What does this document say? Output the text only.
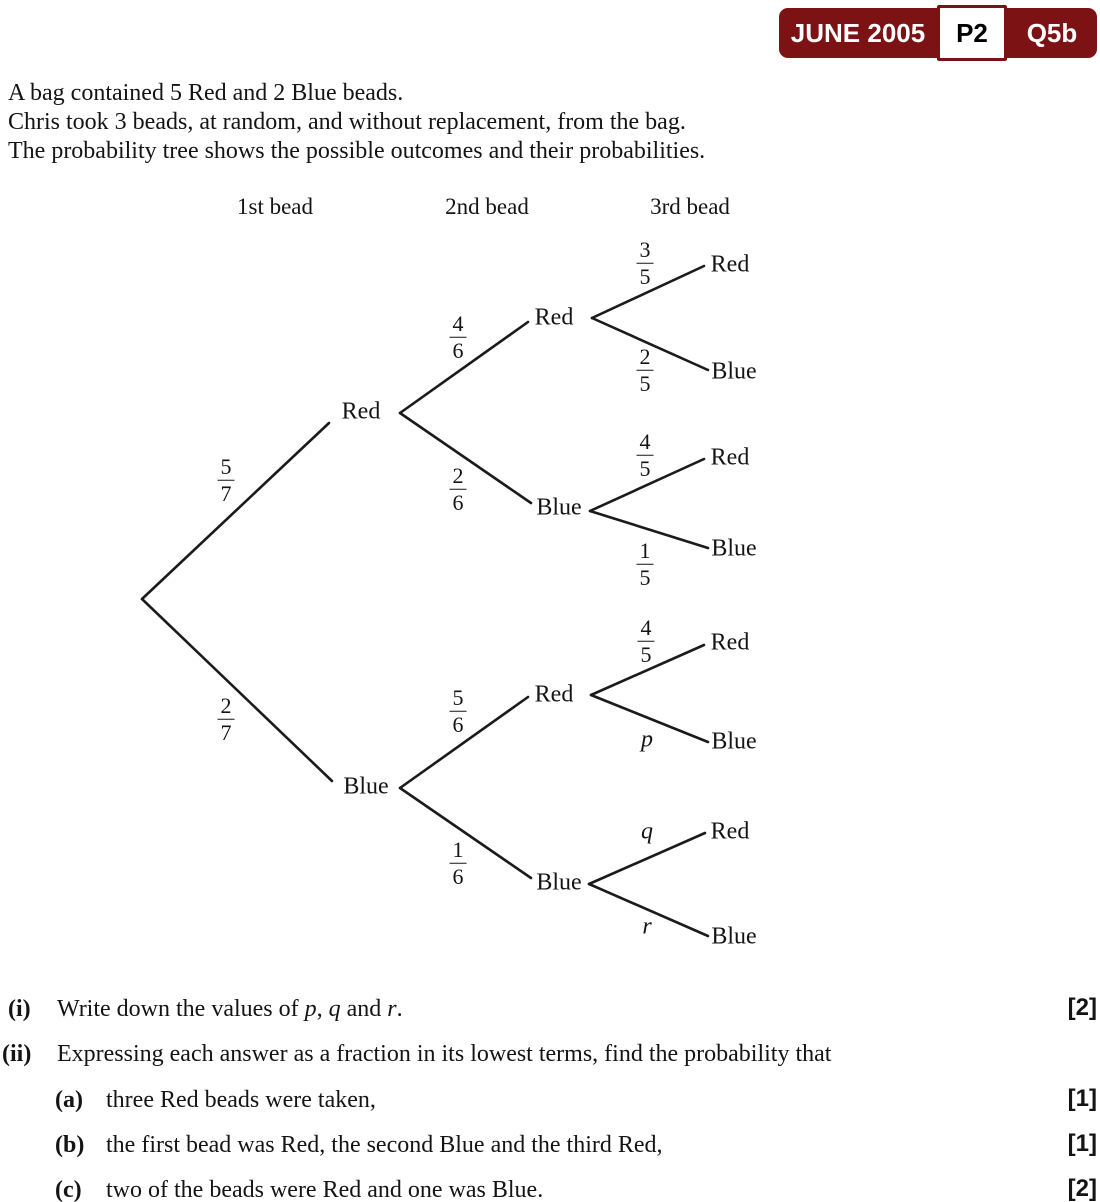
JUNE 2005	P2	Q5b
A bag contained 5 Red and 2 Blue beads.
Chris took 3 beads, at random, and without replacement, from the bag.
The probability tree shows the possible outcomes and their probabilities.
1st bead	2nd bead	3rd bead
Red
Blue
$\frac{5}{7}$
$\frac{2}{7}$
Red
Blue
Red
Blue
$\frac{4}{6}$
$\frac{2}{6}$
$\frac{5}{6}$
$\frac{1}{6}$
Red
Blue
Red
Blue
Red
Blue
Red
Blue
$\frac{3}{5}$
$\frac{2}{5}$
$\frac{4}{5}$
$\frac{1}{5}$
$\frac{4}{5}$
p
q
r
(i) Write down the values of p, q and r.	[2]
(ii) Expressing each answer as a fraction in its lowest terms, find the probability that
(a) three Red beads were taken,	[1]
(b) the first bead was Red, the second Blue and the third Red,	[1]
(c) two of the beads were Red and one was Blue.	[2]
